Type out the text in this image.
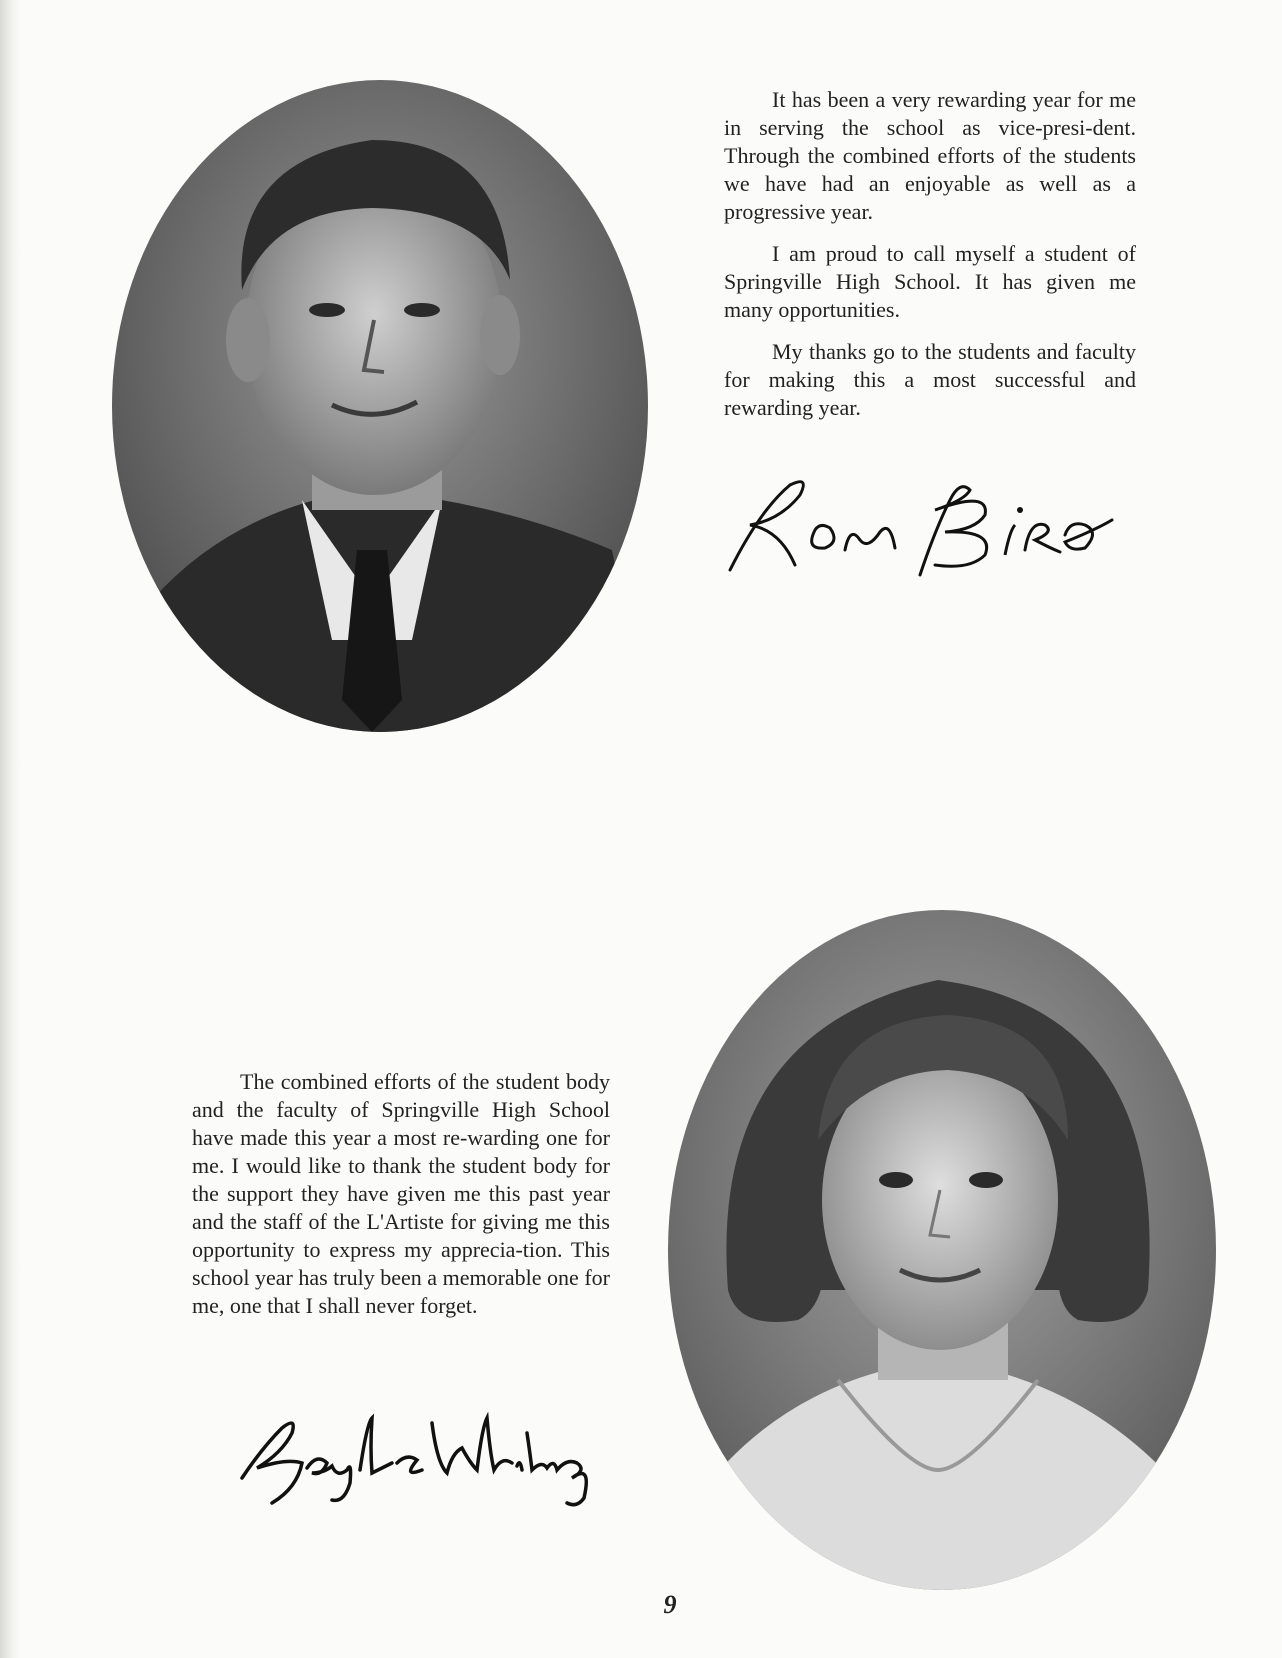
It has been a very rewarding year for me in serving the school as vice-presi-dent. Through the combined efforts of the students we have had an enjoyable as well as a progressive year.

I am proud to call myself a student of Springville High School. It has given me many opportunities.

My thanks go to the students and faculty for making this a most successful and rewarding year.

The combined efforts of the student body and the faculty of Springville High School have made this year a most re-warding one for me. I would like to thank the student body for the support they have given me this past year and the staff of the L'Artiste for giving me this opportunity to express my apprecia-tion. This school year has truly been a memorable one for me, one that I shall never forget.

9
